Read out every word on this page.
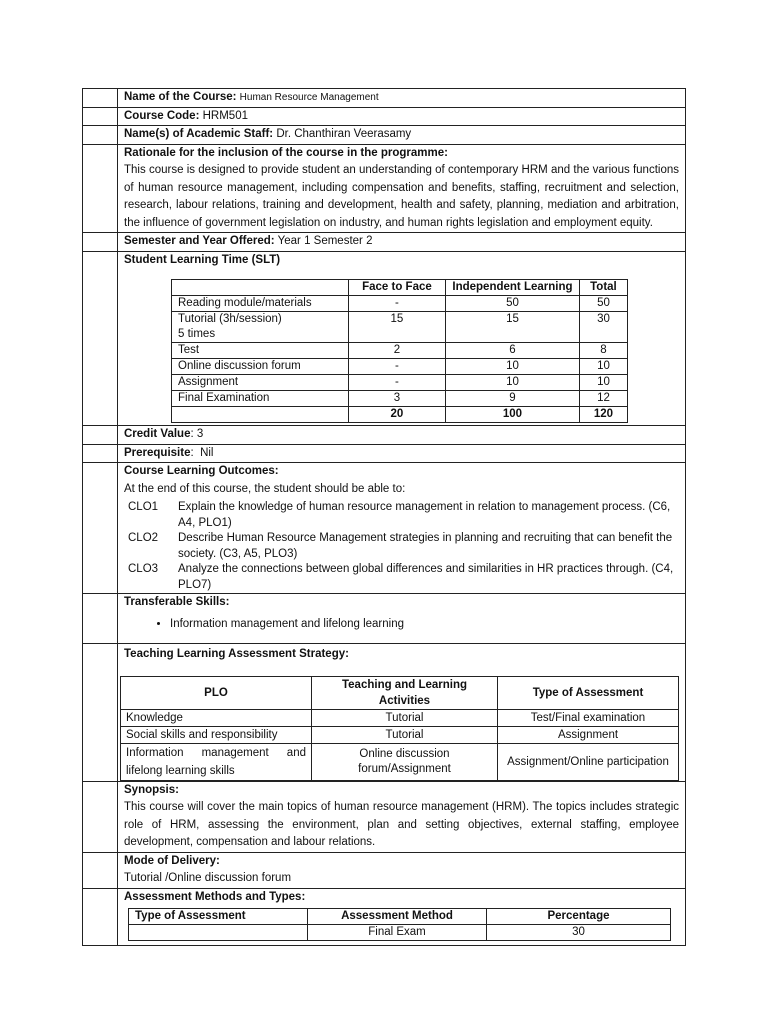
	Name of the Course: Human Resource Management
	Course Code: HRM501
	Name(s) of Academic Staff: Dr. Chanthiran Veerasamy

Rationale for the inclusion of the course in the programme:
This course is designed to provide student an understanding of contemporary HRM and the various functions of human resource management, including compensation and benefits, staffing, recruitment and selection, research, labour relations, training and development, health and safety, planning, mediation and arbitration, the influence of government legislation on industry, and human rights legislation and employment equity.

	Semester and Year Offered: Year 1 Semester 2

Student Learning Time (SLT)
	Face to Face	Independent Learning	Total
Reading module/materials	-	50	50

Tutorial (3h/session)
5 times
	15	15	30
Test	2	6	8
Online discussion forum	-	10	10
Assignment	-	10	10
Final Examination	3	9	12
	20	100	120

	Credit Value: 3
	Prerequisite:  Nil

Course Learning Outcomes:
At the end of this course, the student should be able to:
CLO1	Explain the knowledge of human resource management in relation to management process. (C6, A4, PLO1)
CLO2	Describe Human Resource Management strategies in planning and recruiting that can benefit the society. (C3, A5, PLO3)
CLO3	Analyze the connections between global differences and similarities in HR practices through. (C4, PLO7)

Transferable Skills:
• Information management and lifelong learning

Teaching Learning Assessment Strategy:
PLO	Teaching and Learning Activities	Type of Assessment
Knowledge	Tutorial	Test/Final examination
Social skills and responsibility	Tutorial	Assignment
Information management and lifelong learning skills	Online discussion forum/Assignment	Assignment/Online participation

Synopsis:
This course will cover the main topics of human resource management (HRM). The topics includes strategic role of HRM, assessing the environment, plan and setting objectives, external staffing, employee development, compensation and labour relations.

Mode of Delivery:
Tutorial /Online discussion forum

Assessment Methods and Types:
Type of Assessment	Assessment Method	Percentage
	Final Exam	30
